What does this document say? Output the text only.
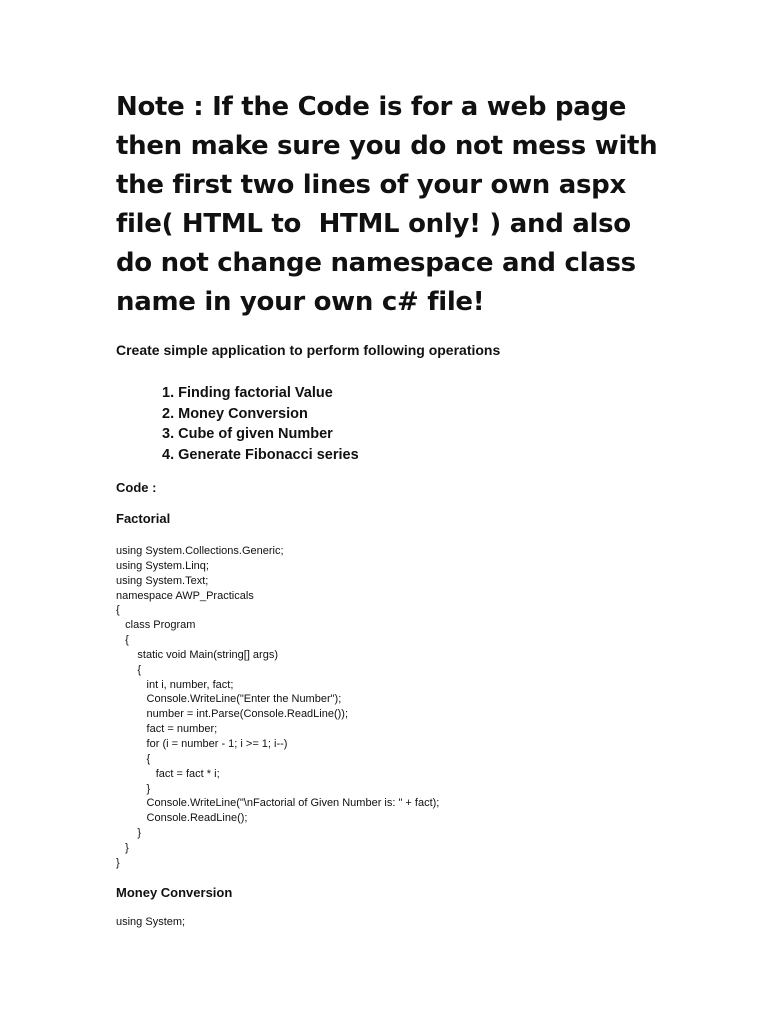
Note : If the Code is for a web page
then make sure you do not mess with
the first two lines of your own aspx
file( HTML to  HTML only! ) and also
do not change namespace and class
name in your own c# file!

Create simple application to perform following operations

1. Finding factorial Value
2. Money Conversion
3. Cube of given Number
4. Generate Fibonacci series

Code :

Factorial

using System.Collections.Generic;
using System.Linq;
using System.Text;
namespace AWP_Practicals
{
class Program
{
static void Main(string[] args)
{
int i, number, fact;
Console.WriteLine("Enter the Number");
number = int.Parse(Console.ReadLine());
fact = number;
for (i = number - 1; i >= 1; i--)
{
fact = fact * i;
}
Console.WriteLine("\nFactorial of Given Number is: " + fact);
Console.ReadLine();
}
}
}

Money Conversion

using System;
